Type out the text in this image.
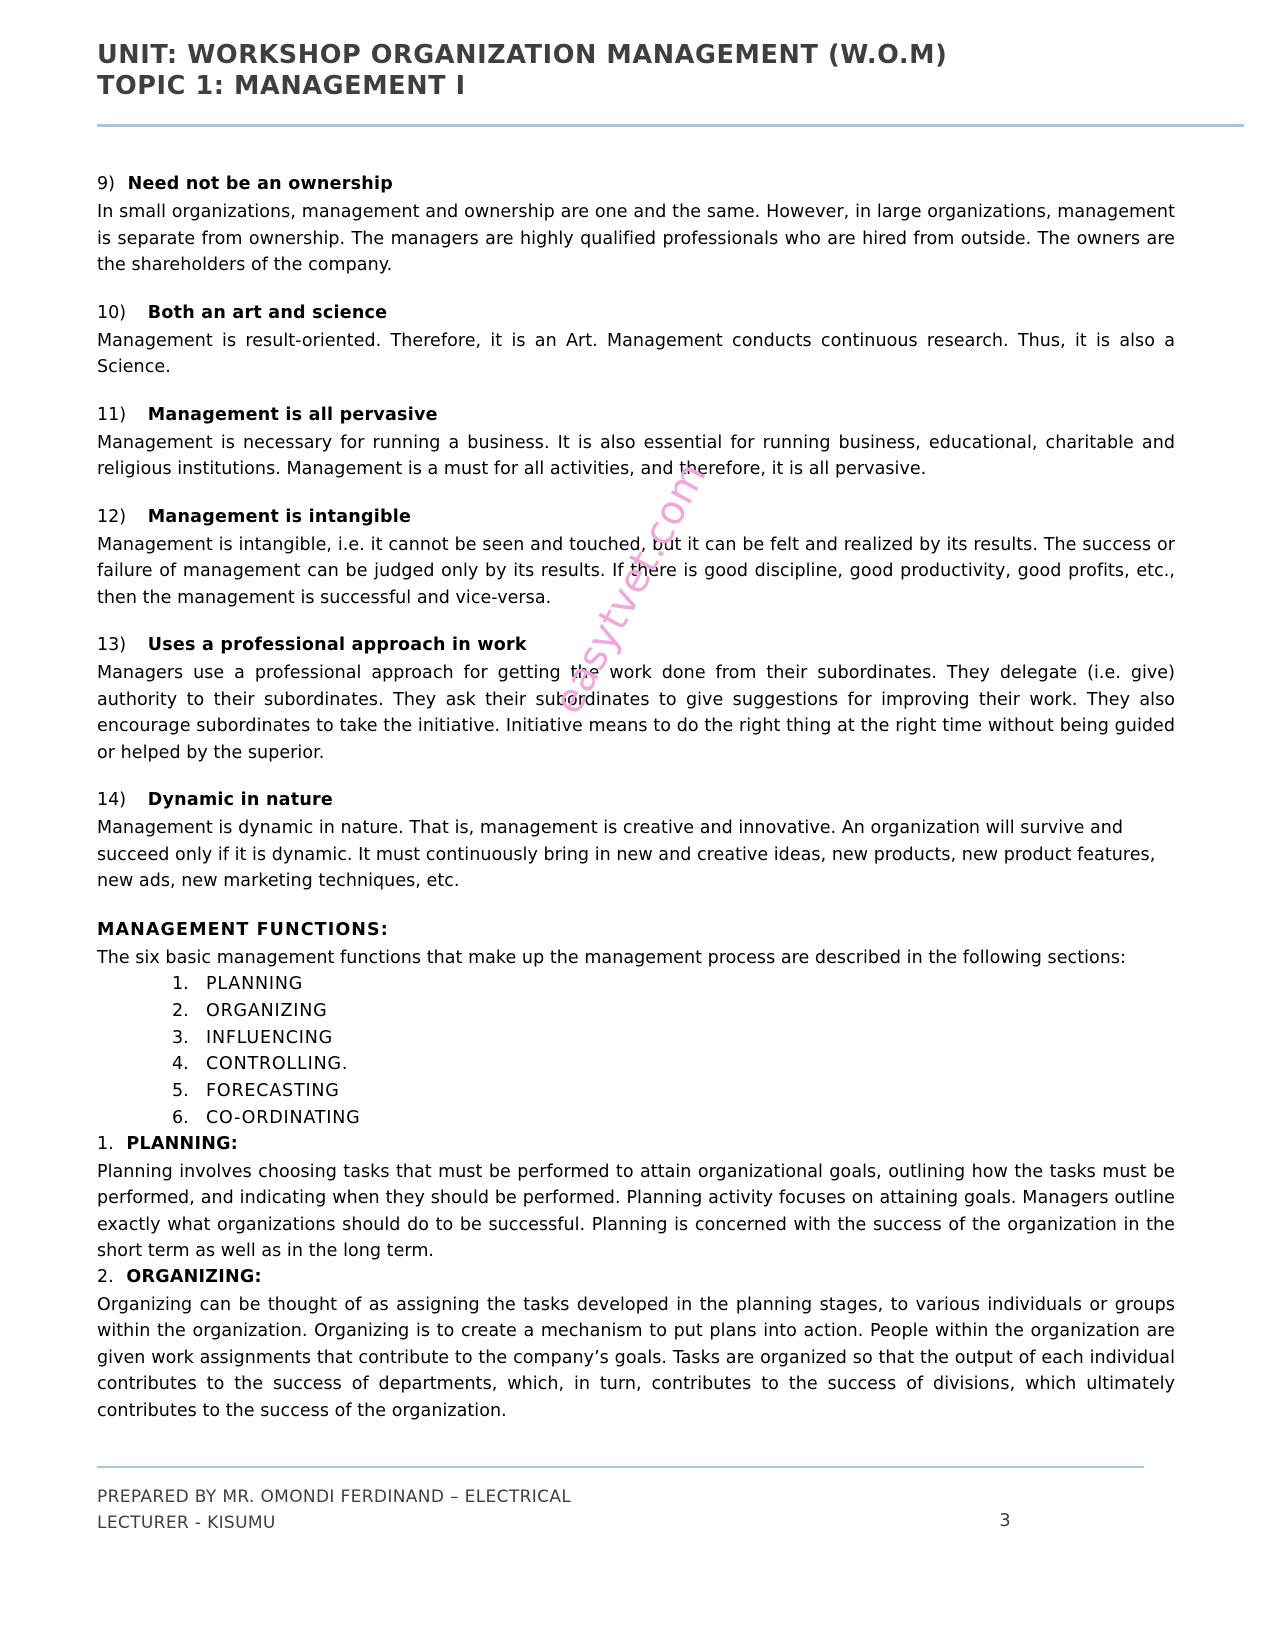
UNIT: WORKSHOP ORGANIZATION MANAGEMENT (W.O.M)
TOPIC 1: MANAGEMENT I
9) Need not be an ownership

In small organizations, management and ownership are one and the same. However, in large organizations, management is separate from ownership. The managers are highly qualified professionals who are hired from outside. The owners are the shareholders of the company.

10)	Both an art and science

Management is result-oriented. Therefore, it is an Art. Management conducts continuous research. Thus, it is also a Science.

11)	Management is all pervasive

Management is necessary for running a business. It is also essential for running business, educational, charitable and religious institutions. Management is a must for all activities, and therefore, it is all pervasive.

12)	Management is intangible

Management is intangible, i.e. it cannot be seen and touched, but it can be felt and realized by its results. The success or failure of management can be judged only by its results. If there is good discipline, good productivity, good profits, etc., then the management is successful and vice-versa.

13)	Uses a professional approach in work

Managers use a professional approach for getting the work done from their subordinates. They delegate (i.e. give) authority to their subordinates. They ask their subordinates to give suggestions for improving their work. They also encourage subordinates to take the initiative. Initiative means to do the right thing at the right time without being guided or helped by the superior.

14)	Dynamic in nature

Management is dynamic in nature. That is, management is creative and innovative. An organization will survive and succeed only if it is dynamic. It must continuously bring in new and creative ideas, new products, new product features, new ads, new marketing techniques, etc.

MANAGEMENT FUNCTIONS:

The six basic management functions that make up the management process are described in the following sections:

PLANNING
ORGANIZING
INFLUENCING
CONTROLLING.
FORECASTING
CO-ORDINATING
1. PLANNING:

Planning involves choosing tasks that must be performed to attain organizational goals, outlining how the tasks must be performed, and indicating when they should be performed. Planning activity focuses on attaining goals. Managers outline exactly what organizations should do to be successful. Planning is concerned with the success of the organization in the short term as well as in the long term.

2. ORGANIZING:

Organizing can be thought of as assigning the tasks developed in the planning stages, to various individuals or groups within the organization. Organizing is to create a mechanism to put plans into action. People within the organization are given work assignments that contribute to the company’s goals. Tasks are organized so that the output of each individual contributes to the success of departments, which, in turn, contributes to the success of divisions, which ultimately contributes to the success of the organization.

easytvet.com
PREPARED BY MR. OMONDI FERDINAND – ELECTRICAL
LECTURER - KISUMU	3
